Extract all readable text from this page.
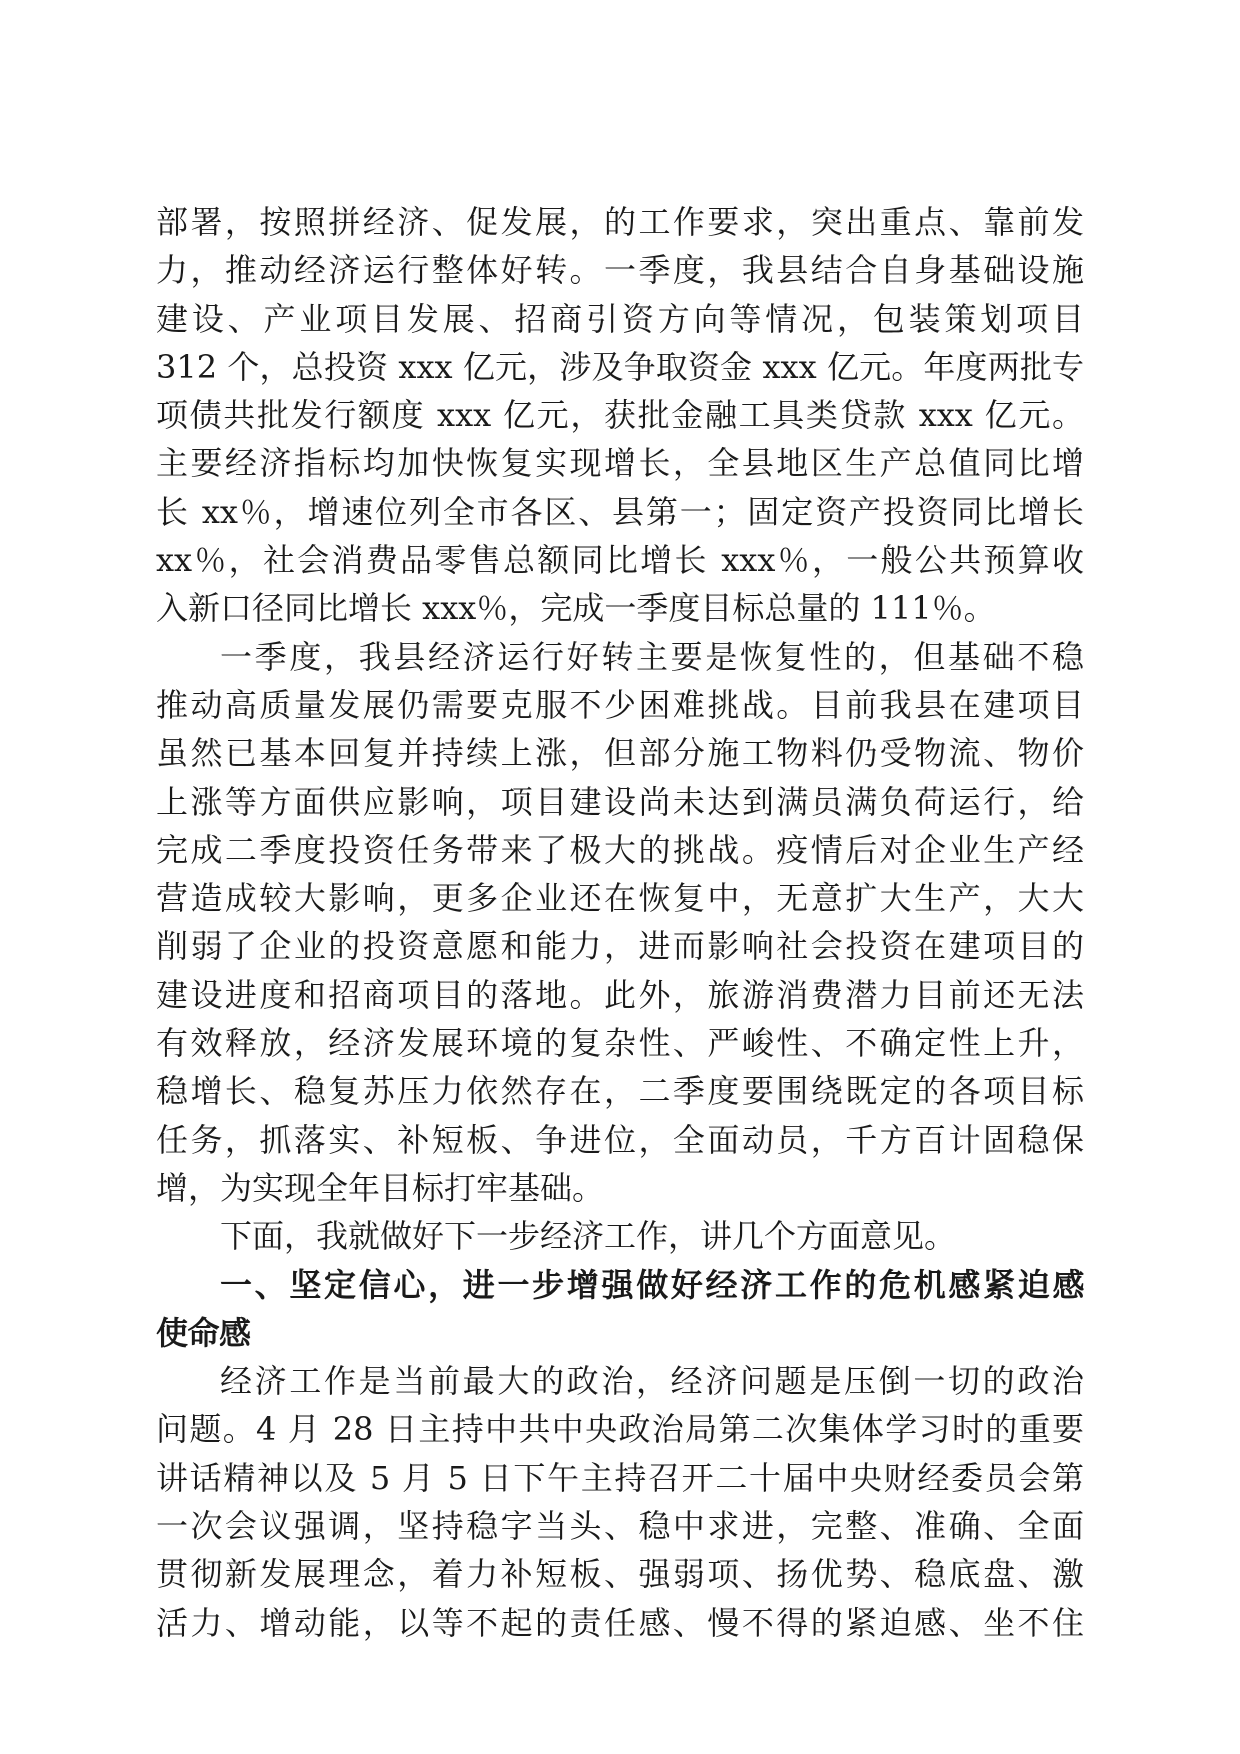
部署，按照拼经济、促发展，的工作要求，突出重点、靠前发
力，推动经济运行整体好转。一季度，我县结合自身基础设施
建设、产业项目发展、招商引资方向等情况，包装策划项目
312 个，总投资 xxx 亿元，涉及争取资金 xxx 亿元。年度两批专
项债共批发行额度 xxx 亿元，获批金融工具类贷款 xxx 亿元。
主要经济指标均加快恢复实现增长，全县地区生产总值同比增
长 xx％，增速位列全市各区、县第一；固定资产投资同比增长
xx％，社会消费品零售总额同比增长 xxx％，一般公共预算收
入新口径同比增长 xxx％，完成一季度目标总量的 111％。
一季度，我县经济运行好转主要是恢复性的，但基础不稳
推动高质量发展仍需要克服不少困难挑战。目前我县在建项目
虽然已基本回复并持续上涨，但部分施工物料仍受物流、物价
上涨等方面供应影响，项目建设尚未达到满员满负荷运行，给
完成二季度投资任务带来了极大的挑战。疫情后对企业生产经
营造成较大影响，更多企业还在恢复中，无意扩大生产，大大
削弱了企业的投资意愿和能力，进而影响社会投资在建项目的
建设进度和招商项目的落地。此外，旅游消费潜力目前还无法
有效释放，经济发展环境的复杂性、严峻性、不确定性上升，
稳增长、稳复苏压力依然存在，二季度要围绕既定的各项目标
任务，抓落实、补短板、争进位，全面动员，千方百计固稳保
增，为实现全年目标打牢基础。
下面，我就做好下一步经济工作，讲几个方面意见。
一、坚定信心，进一步增强做好经济工作的危机感紧迫感
使命感
经济工作是当前最大的政治，经济问题是压倒一切的政治
问题。4 月 28 日主持中共中央政治局第二次集体学习时的重要
讲话精神以及 5 月 5 日下午主持召开二十届中央财经委员会第
一次会议强调，坚持稳字当头、稳中求进，完整、准确、全面
贯彻新发展理念，着力补短板、强弱项、扬优势、稳底盘、激
活力、增动能，以等不起的责任感、慢不得的紧迫感、坐不住
